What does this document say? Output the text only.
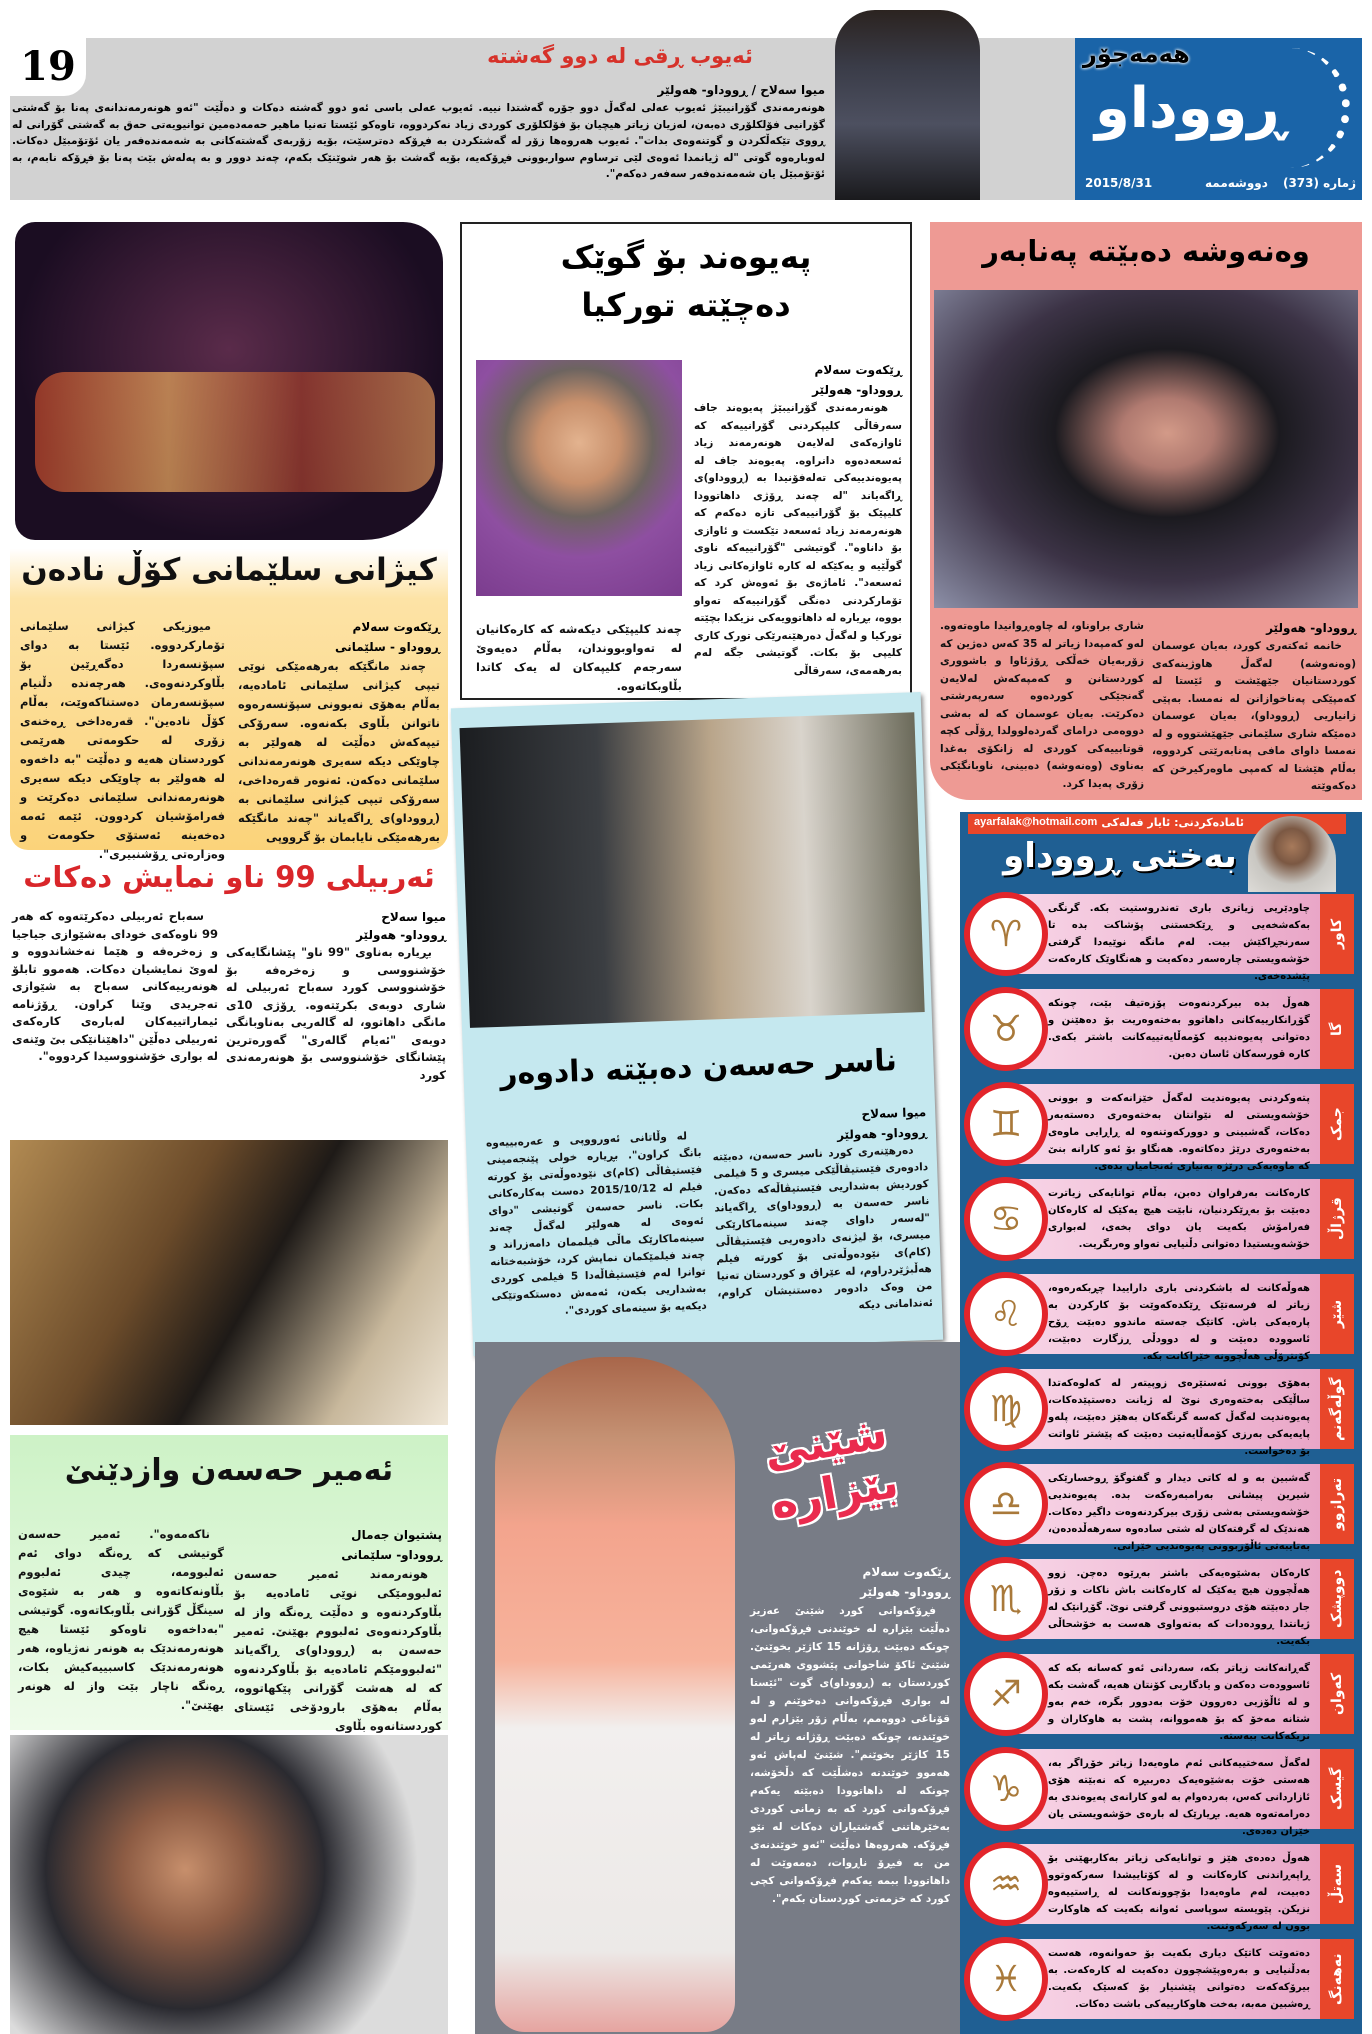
19	ئەیوب ڕقی لە دوو گەشتە
میوا سەلاح / ڕووداو- هەولێر
هونەرمەندی گۆرانیبێژ ئەیوب عەلی لەگەڵ دوو جۆرە گەشتدا نییە. ئەیوب عەلی باسی ئەو دوو گەشتە دەکات و دەڵێت "ئەو هونەرمەندانەی پەنا بۆ گەشتی گۆرانیی فۆلکلۆری دەبەن، لەزیان زیاتر هیچیان بۆ فۆلکلۆری کوردی زیاد نەکردووە، تاوەکو ئێستا تەنیا ماهیر حەمەدەمین توانیویەتی حەق بە گەشتی گۆرانی لە ڕووی تێکەڵکردن و گوتنەوەی بدات". ئەیوب هەروەها زۆر لە گەشتکردن بە فڕۆکە دەترسێت، بۆیە زۆربەی گەشتەکانی بە شەمەندەفەر یان ئۆتۆمبێل دەکات. لەوبارەوە گوتی "لە ژیانمدا ئەوەی لێی ترساوم سواربوونی فڕۆکەیە، بۆیە گەشت بۆ هەر شوێنێک بکەم، چەند دوور و بە پەلەش بێت پەنا بۆ فڕۆکە نابەم، بە ئۆتۆمبێل یان شەمەندەفەر سەفەر دەکەم".
هەمەجۆر
ڕووداو
ژمارە (373)
دووشەممە
2015/8/31
کیژانی سلێمانی کۆڵ نادەن
ڕێکەوت سەلام
ڕووداو - سلێمانی

چەند مانگێکە بەرهەمێکی نوێی تیپی کیژانی سلێمانی ئامادەیە، بەڵام بەهۆی نەبوونی سپۆنسەرەوە ناتوانن بڵاوی بکەنەوە. سەرۆکی تیپەکەش دەڵێت لە هەولێر بە چاوێکی دیکە سەیری هونەرمەندانی سلێمانی دەکەن. ئەنوەر قەرەداخی، سەرۆکی تیپی کیژانی سلێمانی بە (ڕووداو)ی ڕاگەیاند "چەند مانگێکە بەرهەمێکی نایابمان بۆ گرووپی

میوزیکی کیژانی سلێمانی تۆمارکردووە. ئێستا بە دوای سپۆنسەردا دەگەڕێین بۆ بڵاوکردنەوەی. هەرچەندە دڵنیام سپۆنسەرمان دەستناکەوێت، بەڵام کۆڵ نادەین". قەرەداخی ڕەخنەی زۆری لە حکومەتی هەرێمی کوردستان هەیە و دەڵێت "بە داخەوە لە هەولێر بە چاوێکی دیکە سەیری هونەرمەندانی سلێمانی دەکرێت و فەرامۆشیان کردوون. ئێمە ئەمە دەخەینە ئەستۆی حکومەت و وەزارەتی ڕۆشنبیری".

ئەربیلی 99 ناو نمایش دەکات
میوا سەلاح
ڕووداو- هەولێر

بڕیارە بەناوی "99 ناو" پێشانگایەکی خۆشنووسی و زەخرەفە بۆ خۆشنووسی کورد سەباح ئەربیلی لە شاری دوبەی بکرێتەوە. ڕۆژی 10ی مانگی داهاتوو، لە گالەریی بەناوبانگی دوبەی "ئەیام گالەری" گەورەترین پێشانگای خۆشنووسی بۆ هونەرمەندی کورد

سەباح ئەربیلی دەکرێتەوە کە هەر 99 ناوەکەی خودای بەشێوازی جیاجیا و زەخرەفە و هێما نەخشاندووە و لەوێ نمایشیان دەکات. هەموو تابلۆ هونەرییەکانی سەباح بە شێوازی تەجریدی وێنا کراون. ڕۆژنامە ئیماراتییەکان لەبارەی کارەکەی ئەربیلی دەڵێن "داهێنانێکی بێ وێنەی لە بواری خۆشنووسیدا کردووە".

ئەمیر حەسەن وازدێنێ
پشتیوان جەمال
ڕووداو- سلێمانی

هونەرمەند ئەمیر حەسەن ئەلبوومێکی نوێی ئامادەیە بۆ بڵاوکردنەوە و دەڵێت ڕەنگە واز لە بڵاوکردنەوەی ئەلبووم بهێنێ. ئەمیر حەسەن بە (ڕووداو)ی ڕاگەیاند "ئەلبوومێکم ئامادەیە بۆ بڵاوکردنەوە کە لە هەشت گۆرانی پێکهاتووە، بەڵام بەهۆی بارودۆخی ئێستای کوردستانەوە بڵاوی

ناکەمەوە". ئەمیر حەسەن گوتیشی کە ڕەنگە دوای ئەم ئەلبوومە، چیدی ئەلبووم بڵاونەکاتەوە و هەر بە شێوەی سینگڵ گۆرانی بڵاوبکاتەوە. گوتیشی "بەداخەوە تاوەکو ئێستا هیچ هونەرمەندێک بە هونەر نەژیاوە، هەر هونەرمەندێک کاسبییەکیش بکات، ڕەنگە ناچار بێت واز لە هونەر بهێنێ".

پەیوەند بۆ گوێک
دەچێتە تورکیا
ڕێکەوت سەلام
ڕووداو- هەولێر

هونەرمەندی گۆرانیبێژ پەیوەند جاف سەرقاڵی کلیپکردنی گۆرانییەکە کە ئاوازەکەی لەلایەن هونەرمەند زیاد ئەسعەدەوە دانراوە. پەیوەند جاف لە پەیوەندییەکی تەلەفۆنیدا بە (ڕووداو)ی ڕاگەیاند "لە چەند ڕۆژی داهاتوودا کلیپێک بۆ گۆرانییەکی تازە دەکەم کە هونەرمەند زیاد ئەسعەد تێکست و ئاوازی بۆ داناوە". گوتیشی "گۆرانییەکە ناوی گوڵێیە و یەکێکە لە کارە ئاوازەکانی زیاد ئەسعەد". ئاماژەی بۆ ئەوەش کرد کە تۆمارکردنی دەنگی گۆرانییەکە تەواو بووە، بڕیارە لە داهاتوویەکی نزیکدا بچێتە تورکیا و لەگەڵ دەرهێنەرێکی تورک کاری کلیپی بۆ بکات. گوتیشی جگە لەم بەرهەمەی، سەرقاڵی

چەند کلیپێکی دیکەشە کە کارەکانیان لە تەواوبووندان، بەڵام دەیەوێ سەرجەم کلیپەکان لە یەک کاتدا بڵاوبکاتەوە.

ناسر حەسەن دەبێتە دادوەر
میوا سەلاح
ڕووداو- هەولێر

دەرهێنەری کورد ناسر حەسەن، دەبێتە دادوەری فێستیڤاڵێکی میسری و 5 فیلمی کوردیش بەشداریی فێستیڤاڵەکە دەکەن. ناسر حەسەن بە (ڕووداو)ی ڕاگەیاند "لەسەر داوای چەند سینەماکارێکی میسری، بۆ لیژنەی دادوەریی فێستیڤاڵی (کام)ی نێودەوڵەتی بۆ کورتە فیلم هەڵبژێردراوم، لە عێراق و کوردستان تەنیا من وەک دادوەر دەستنیشان کراوم، ئەندامانی دیکە

لە وڵاتانی ئەورووپی و عەرەبییەوە بانگ کراون". بڕیارە خولی پێنجەمینی فێستیڤاڵی (کام)ی نێودەوڵەتی بۆ کورتە فیلم لە 2015/10/12 دەست بەکارەکانی بکات. ناسر حەسەن گوتیشی "دوای ئەوەی لە هەولێر لەگەڵ چەند سینەماکارێک ماڵی فیلممان دامەزراند و چەند فیلمێکمان نمایش کرد، خۆشبەختانە توانرا لەم فێستیڤاڵەدا 5 فیلمی کوردی بەشداریی بکەن، ئەمەش دەستکەوتێکی دیکەیە بۆ سینەمای کوردی".

شێنێ بێزارە
ڕێکەوت سەلام
ڕووداو- هەولێر

فڕۆکەوانی کورد شێنێ عەزیز دەڵێت بێزارە لە خوێندنی فڕۆکەوانی، چونکە دەبێت ڕۆژانە 15 کاژێر بخوێنێ. شێنێ ئاکۆ شاجوانی پێشووی هەرێمی کوردستان بە (ڕووداو)ی گوت "ئێستا لە بواری فڕۆکەوانی دەخوێنم و لە قۆناغی دووەمم، بەڵام زۆر بێزارم لەو خوێندنە، چونکە دەبێت ڕۆژانە زیاتر لە 15 کاژێر بخوێنم". شێنێ لەپاش ئەو هەموو خوێندنە دەشڵێت کە دڵخۆشە، چونکە لە داهاتوودا دەبێتە یەکەم فڕۆکەوانی کورد کە بە زمانی کوردی بەخێرهاتنی گەشتیاران دەکات لە نێو فڕۆکە. هەروەها دەڵێت "ئەو خوێندنەی من بە فیڕۆ ناڕوات، دەمەوێت لە داهاتوودا ببمە یەکەم فڕۆکەوانی کچی کورد کە خزمەتی کوردستان بکەم".

وەنەوشە دەبێتە پەنابەر
ڕووداو- هەولێر

خانمە ئەکتەری کورد، بەیان عوسمان (وەنەوشە) لەگەڵ هاوژینەکەی کوردستانیان جێهێشت و ئێستا لە کەمپێکی پەناخوازانن لە نەمسا. بەپێی زانیاریی (ڕووداو)، بەیان عوسمان دەمێکە شاری سلێمانی جێهێشتووە و لە نەمسا داوای مافی پەنابەرێتی کردووە، بەڵام هێشتا لە کەمپی ماوەرکیرخن کە دەکەوێتە

شاری براوناو، لە چاوەڕوانیدا ماوەتەوە. لەو کەمپەدا زیاتر لە 35 کەس دەژین کە زۆربەیان خەڵکی ڕۆژئاوا و باشووری کوردستانن و کەمپەکەش لەلایەن گەنجێکی کوردەوە سەرپەرشتی دەکرێت. بەیان عوسمان کە لە بەشی دووەمی درامای گەردەلوولدا ڕۆڵی کچە قوتابییەکی کوردی لە زانکۆی بەغدا بەناوی (وەنەوشە) دەبینی، ناوبانگێکی زۆری پەیدا کرد.

ayarfalak@hotmail.com ئامادەکردنی: ئایار فەلەکی
بەختی ڕووداو
چاودێریی زیاتری باری تەندروستیت بکە. گرنگی بەکەشخەیی و ڕێکخستنی پۆشاکت بدە تا سەرنجڕاکێش بیت. لەم مانگە نوێیەدا گرفتی خۆشەویستی چارەسەر دەکەیت و هەنگاوێک کارەکەت پێشدەخەی.
کاور
♈
هەوڵ بدە بیرکردنەوەت پۆزەتیف بێت، چونکە گۆڕانکارییەکانی داهاتوو بەختەوەریت بۆ دەهێنن و دەتوانی پەیوەندییە کۆمەڵایەتییەکانت باشتر بکەی. کارە قورسەکان ئاسان دەبن.
گا
♉
پتەوکردنی پەیوەندیت لەگەڵ خێزانەکەت و بوونی خۆشەویستی لە نێوانتان بەختەوەری دەستەبەر دەکات، گەشبینی و دوورکەوتنەوە لە ڕاڕایی ماوەی بەختەوەری درێژ دەکاتەوە. هەنگاو بۆ ئەو کارانە بنێ کە ماوەیەکی درێژە بەنیازی ئەنجامیان بدەی.
جمک
♊
کارەکانت بەرفراوان دەبن، بەڵام توانایەکی زیاترت دەبێت بۆ بەڕێکردنیان، نابێت هیچ یەکێک لە کارەکان فەرامۆش بکەیت یان دوای بخەی، لەبواری خۆشەویستیدا دەتوانی دڵنیایی تەواو وەربگریت.
قرژاڵ
♋
هەوڵەکانت لە باشکردنی باری داراییدا چڕبکەرەوە، زیاتر لە فرسەتێک ڕێکدەکەوێت بۆ کارکردن بە پارەیەکی باش. کاتێک جەستە ماندوو دەبێت ڕۆح ئاسوودە دەبێت و لە دوودڵی ڕزگارت دەبێت، کۆنترۆڵی هەڵچوونە خێراکانت بکە.
شێر
♌
بەهۆی بوونی ئەستێرەی زوپیتەر لە کەلوەکەتدا ساڵێکی بەختەوەری نوێ لە ژیانت دەستپێدەکات، پەیوەندیت لەگەڵ کەسە گرنگەکان بەهێز دەبێت، پلەو پایەیەکی بەرزی کۆمەڵایەتیت دەبێت کە پێشتر ئاواتت بۆ دەخواست.
گوڵەگەنم
♍
گەشبین بە و لە کاتی دیدار و گفتوگۆ ڕوخسارێکی شیرین پیشانی بەرامبەرەکەت بدە. پەیوەندیی خۆشەویستی بەشی زۆری بیرکردنەوەت داگیر دەکات. هەندێک لە گرفتەکان لە شتی سادەوە سەرهەڵدەدەن، بەتایبەتی ئاڵۆزبوونی پەیوەندیی خێزانی.
تەرازوو
♎
کارەکان بەشێوەیەکی باشتر بەڕێوە دەچن. زوو هەڵچوون هیچ یەکێک لە کارەکانت باش ناکات و زۆر جار دەبێتە هۆی دروستبوونی گرفتی نوێ. گۆڕانێک لە ژیانتدا ڕوودەدات کە بەتەواوی هەست بە خۆشحاڵی بکەیت.
دووپشک
♏
گەڕانەکانت زیاتر بکە، سەردانی ئەو کەسانە بکە کە ئاسوودەت دەکەن و یادگاریی کۆنتان هەیە، گەشت بکە و لە ئاڵۆزیی دەروون خۆت بەدوور بگرە، خەم بەو شتانە مەخۆ کە بۆ هەمووانە، پشت بە هاوکاران و نزیکەکانت ببەستە.
کەوان
♐
لەگەڵ سەختییەکانی ئەم ماوەیەدا زیاتر خۆڕاگر بە، هەستی خۆت بەشێوەیەک دەرببڕە کە نەبێتە هۆی ئازاردانی کەس، بەردەوام بە لەو کارانەی پەیوەندی بە دەرامەتەوە هەیە. بڕیارێک لە بارەی خۆشەویستی یان خێزان دەدەی.
گیسک
♑
هەوڵ دەدەی هێز و توانایەکی زیاتر بەکاربهێنی بۆ ڕاپەڕاندنی کارەکانت و لە کۆتاییشدا سەرکەوتوو دەبیت، لەم ماوەیەدا بۆچوونەکانت لە ڕاستییەوە نزیکن. پێویستە سوپاسی ئەوانە بکەیت کە هاوکارت بوون لە سەرکەوتنت.
سەتڵ
♒
دەتەوێت کاتێک دیاری بکەیت بۆ حەوانەوە، هەست بەدڵنیایی و بەرەوپێشچوون دەکەیت لە کارەکەت. بە بیرۆکەکەت دەتوانی پێشنیار بۆ کەسێک بکەیت. ڕەشبین مەبە، بەخت هاوکارییەکی باشت دەکات.	نەهەنگ
♓
